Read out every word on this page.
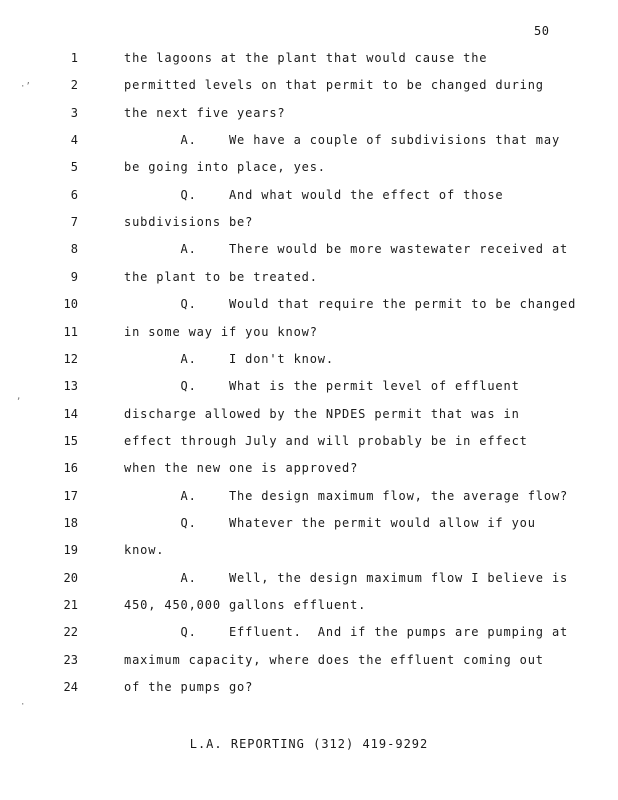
50
1	the lagoons at the plant that would cause the
2	permitted levels on that permit to be changed during
3	the next five years?
4	A.    We have a couple of subdivisions that may
5	be going into place, yes.
6	Q.    And what would the effect of those
7	subdivisions be?
8	A.    There would be more wastewater received at
9	the plant to be treated.
10	Q.    Would that require the permit to be changed
11	in some way if you know?
12	A.    I don't know.
13	Q.    What is the permit level of effluent
14	discharge allowed by the NPDES permit that was in
15	effect through July and will probably be in effect
16	when the new one is approved?
17	A.    The design maximum flow, the average flow?
18	Q.    Whatever the permit would allow if you
19	know.
20	A.    Well, the design maximum flow I believe is
21	450, 450,000 gallons effluent.
22	Q.    Effluent.  And if the pumps are pumping at
23	maximum capacity, where does the effluent coming out
24	of the pumps go?
L.A. REPORTING (312) 419-9292
·’
‚
·
